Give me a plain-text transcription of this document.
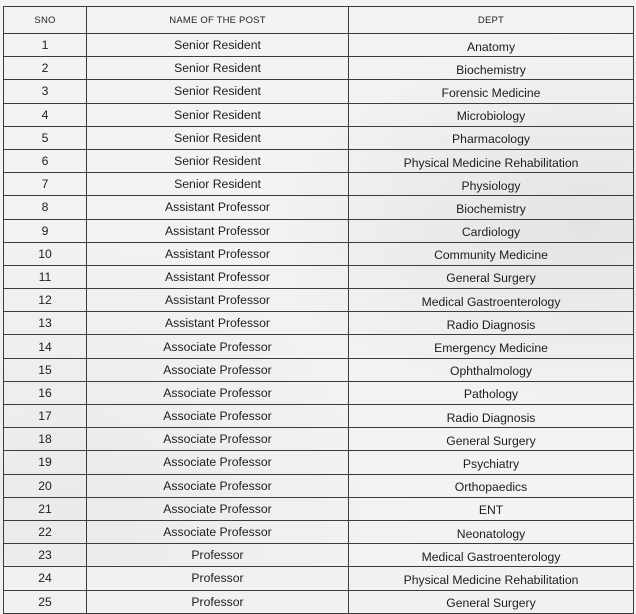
SNO	NAME OF THE POST	DEPT
1	Senior Resident	Anatomy
2	Senior Resident	Biochemistry
3	Senior Resident	Forensic Medicine
4	Senior Resident	Microbiology
5	Senior Resident	Pharmacology
6	Senior Resident	Physical Medicine Rehabilitation
7	Senior Resident	Physiology
8	Assistant Professor	Biochemistry
9	Assistant Professor	Cardiology
10	Assistant Professor	Community Medicine
11	Assistant Professor	General Surgery
12	Assistant Professor	Medical Gastroenterology
13	Assistant Professor	Radio Diagnosis
14	Associate Professor	Emergency Medicine
15	Associate Professor	Ophthalmology
16	Associate Professor	Pathology
17	Associate Professor	Radio Diagnosis
18	Associate Professor	General Surgery
19	Associate Professor	Psychiatry
20	Associate Professor	Orthopaedics
21	Associate Professor	ENT
22	Associate Professor	Neonatology
23	Professor	Medical Gastroenterology
24	Professor	Physical Medicine Rehabilitation
25	Professor	General Surgery
